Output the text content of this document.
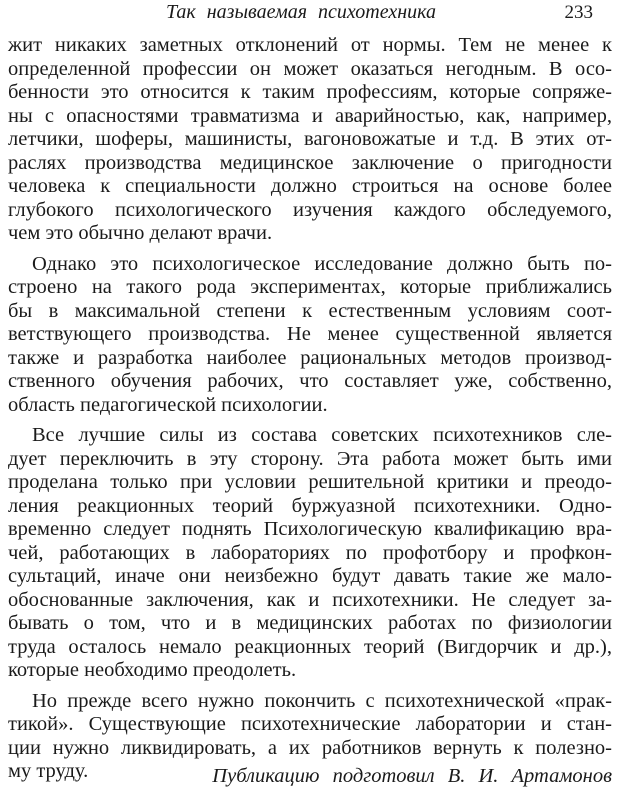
Так называемая психотехника	233
жит никаких заметных отклонений от нормы. Тем не менее к
определенной профессии он может оказаться негодным. В осо-
бенности это относится к таким профессиям, которые сопряже-
ны с опасностями травматизма и аварийностью, как, например,
летчики, шоферы, машинисты, вагоновожатые и т.д. В этих от-
раслях производства медицинское заключение о пригодности
человека к специальности должно строиться на основе более
глубокого психологического изучения каждого обследуемого,
чем это обычно делают врачи.
Однако это психологическое исследование должно быть по-
строено на такого рода экспериментах, которые приближались
бы в максимальной степени к естественным условиям соот-
ветствующего производства. Не менее существенной является
также и разработка наиболее рациональных методов производ-
ственного обучения рабочих, что составляет уже, собственно,
область педагогической психологии.
Все лучшие силы из состава советских психотехников сле-
дует переключить в эту сторону. Эта работа может быть ими
проделана только при условии решительной критики и преодо-
ления реакционных теорий буржуазной психотехники. Одно-
временно следует поднять Психологическую квалификацию вра-
чей, работающих в лабораториях по профотбору и профкон-
сультаций, иначе они неизбежно будут давать такие же мало-
обоснованные заключения, как и психотехники. Не следует за-
бывать о том, что и в медицинских работах по физиологии
труда осталось немало реакционных теорий (Вигдорчик и др.),
которые необходимо преодолеть.
Но прежде всего нужно покончить с психотехнической «прак-
тикой». Существующие психотехнические лаборатории и стан-
ции нужно ликвидировать, а их работников вернуть к полезно-
му труду.	Публикацию подготовил В. И. Артамонов
